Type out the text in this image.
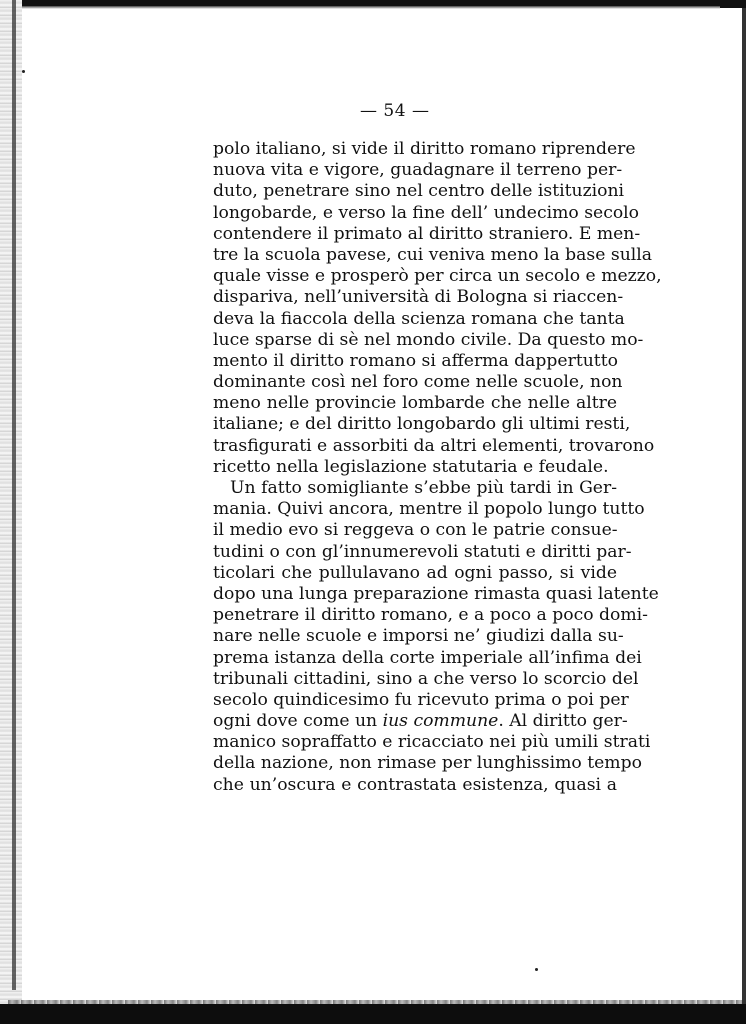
— 54 —
polo italiano, si vide il diritto romano riprendere
nuova vita e vigore, guadagnare il terreno per-
duto, penetrare sino nel centro delle istituzioni
longobarde, e verso la fine dell’ undecimo secolo
contendere il primato al diritto straniero. E men-
tre la scuola pavese, cui veniva meno la base sulla
quale visse e prosperò per circa un secolo e mezzo,
dispariva, nell’università di Bologna si riaccen-
deva la fiaccola della scienza romana che tanta
luce sparse di sè nel mondo civile. Da questo mo-
mento il diritto romano si afferma dappertutto
dominante così nel foro come nelle scuole, non
meno nelle provincie lombarde che nelle altre
italiane; e del diritto longobardo gli ultimi resti,
trasfigurati e assorbiti da altri elementi, trovarono
ricetto nella legislazione statutaria e feudale.
Un fatto somigliante s’ebbe più tardi in Ger-
mania. Quivi ancora, mentre il popolo lungo tutto
il medio evo si reggeva o con le patrie consue-
tudini o con gl’innumerevoli statuti e diritti par-
ticolari che pullulavano ad ogni passo, si vide
dopo una lunga preparazione rimasta quasi latente
penetrare il diritto romano, e a poco a poco domi-
nare nelle scuole e imporsi ne’ giudizi dalla su-
prema istanza della corte imperiale all’infima dei
tribunali cittadini, sino a che verso lo scorcio del
secolo quindicesimo fu ricevuto prima o poi per
ogni dove come un ius commune. Al diritto ger-
manico sopraffatto e ricacciato nei più umili strati
della nazione, non rimase per lunghissimo tempo
che un’oscura e contrastata esistenza, quasi a
